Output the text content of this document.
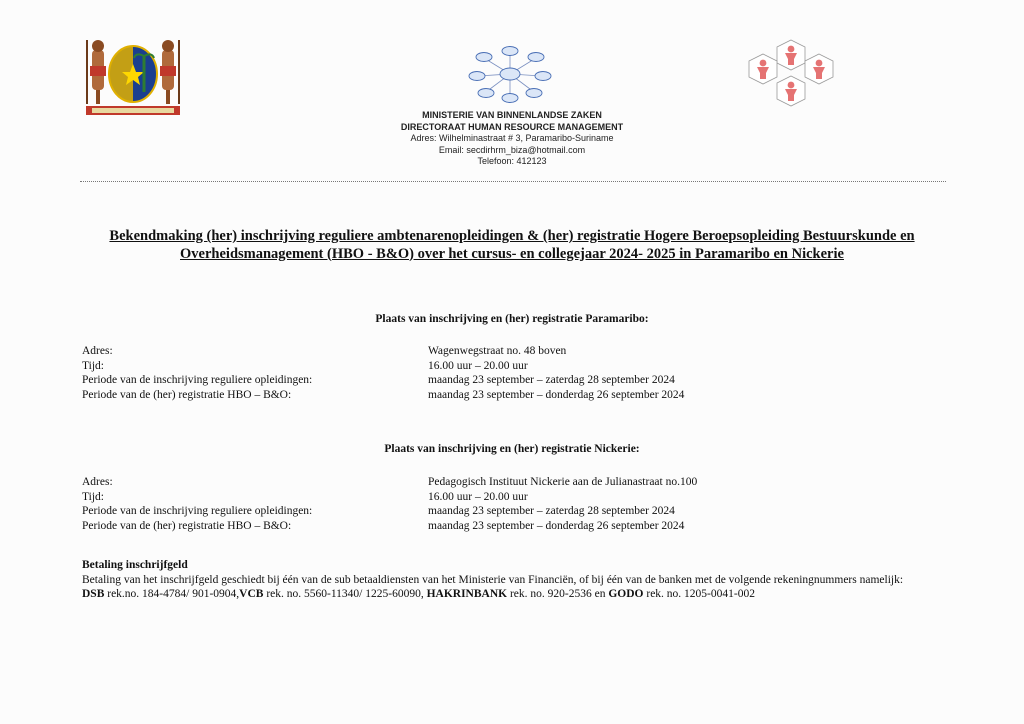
MINISTERIE VAN BINNENLANDSE ZAKEN
DIRECTORAAT HUMAN RESOURCE MANAGEMENT
Adres: Wilhelminastraat # 3, Paramaribo-Suriname
Email: secdirhrm_biza@hotmail.com
Telefoon: 412123
Bekendmaking (her) inschrijving reguliere ambtenarenopleidingen & (her) registratie Hogere Beroepsopleiding Bestuurskunde en Overheidsmanagement (HBO - B&O) over het cursus- en collegejaar 2024- 2025 in Paramaribo en Nickerie
Plaats van inschrijving en (her) registratie Paramaribo:
Adres:	Wagenwegstraat no. 48 boven
Tijd:	16.00 uur – 20.00 uur
Periode van de inschrijving reguliere opleidingen:	maandag 23 september – zaterdag 28 september 2024
Periode van de (her) registratie HBO – B&O:	maandag 23 september – donderdag 26 september 2024
Plaats van inschrijving en (her) registratie Nickerie:
Adres:	Pedagogisch Instituut Nickerie aan de Julianastraat no.100
Tijd:	16.00 uur – 20.00 uur
Periode van de inschrijving reguliere opleidingen:	maandag 23 september – zaterdag 28 september 2024
Periode van de (her) registratie HBO – B&O:	maandag 23 september – donderdag 26 september 2024
Betaling inschrijfgeld
Betaling van het inschrijfgeld geschiedt bij één van de sub betaaldiensten van het Ministerie van Financiën, of bij één van de banken met de volgende rekeningnummers namelijk:
DSB rek.no. 184-4784/ 901-0904,VCB rek. no. 5560-11340/ 1225-60090, HAKRINBANK rek. no. 920-2536 en GODO rek. no. 1205-0041-002
